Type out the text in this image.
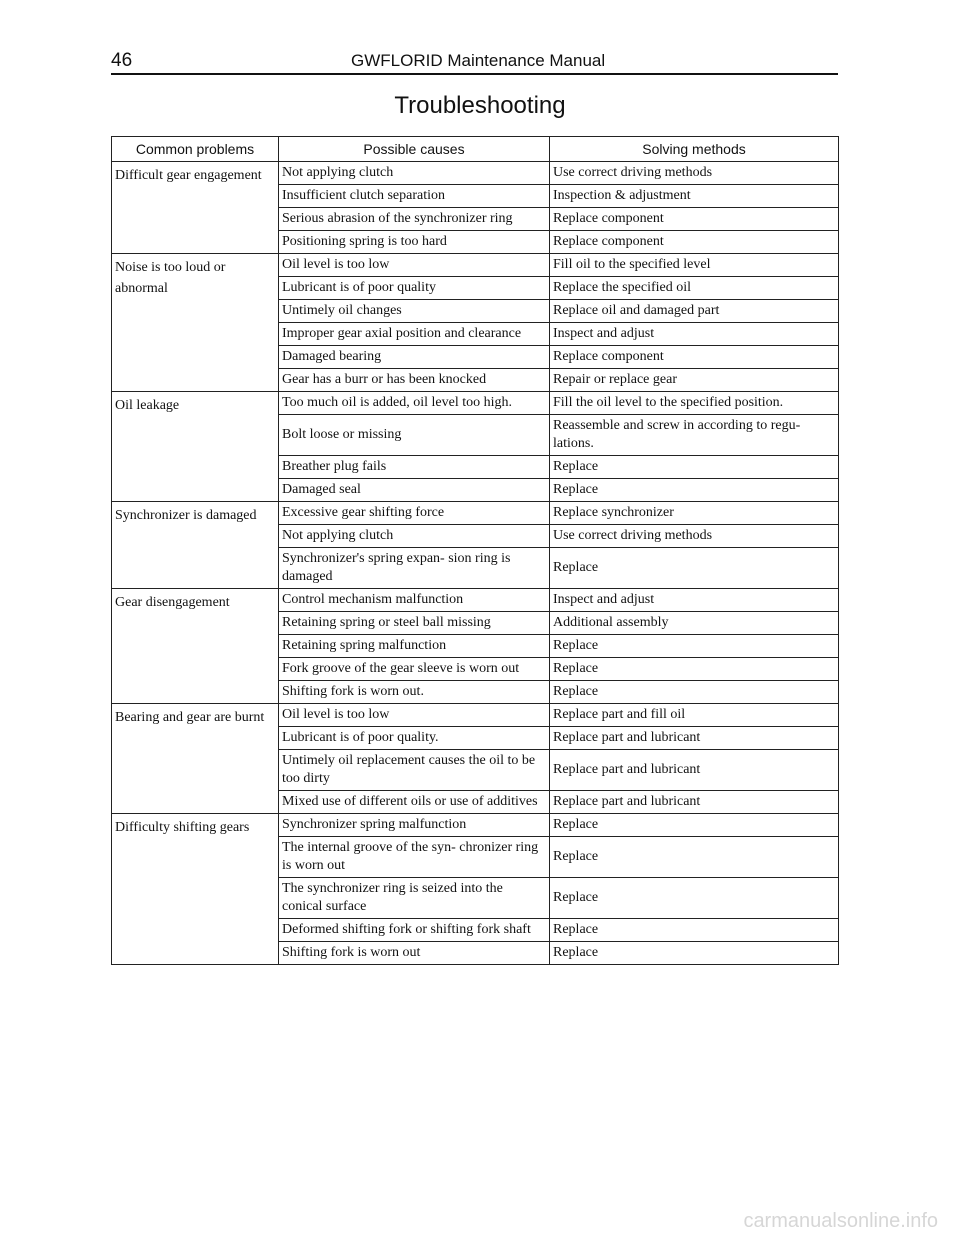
46	GWFLORID Maintenance Manual
Troubleshooting
Common problems	Possible causes	Solving methods
Difficult gear engagement	Not applying clutch	Use correct driving methods
	Insufficient clutch separation	Inspection & adjustment
	Serious abrasion of the synchronizer ring	Replace component
	Positioning spring is too hard	Replace component
Noise is too loud or abnormal	Oil level is too low	Fill oil to the specified level
	Lubricant is of poor quality	Replace the specified oil
	Untimely oil changes	Replace oil and damaged part
	Improper gear axial position and clearance	Inspect and adjust
	Damaged bearing	Replace component
	Gear has a burr or has been knocked	Repair or replace gear
Oil leakage	Too much oil is added, oil level too high.	Fill the oil level to the specified position.
	Bolt loose or missing	Reassemble and screw in according to regu- lations.
	Breather plug fails	Replace
	Damaged seal	Replace
Synchronizer is damaged	Excessive gear shifting force	Replace synchronizer
	Not applying clutch	Use correct driving methods
	Synchronizer's spring expan- sion ring is damaged	Replace
Gear disengagement	Control mechanism malfunction	Inspect and adjust
	Retaining spring or steel ball missing	Additional assembly
	Retaining spring malfunction	Replace
	Fork groove of the gear sleeve is worn out	Replace
	Shifting fork is worn out.	Replace
Bearing and gear are burnt	Oil level is too low	Replace part and fill oil
	Lubricant is of poor quality.	Replace part and lubricant
	Untimely oil replacement causes the oil to be too dirty	Replace part and lubricant
	Mixed use of different oils or use of additives	Replace part and lubricant
Difficulty shifting gears	Synchronizer spring malfunction	Replace
	The internal groove of the syn- chronizer ring is worn out	Replace
	The synchronizer ring is seized into the conical surface	Replace
	Deformed shifting fork or shifting fork shaft	Replace
	Shifting fork is worn out	Replace
carmanualsonline.info
